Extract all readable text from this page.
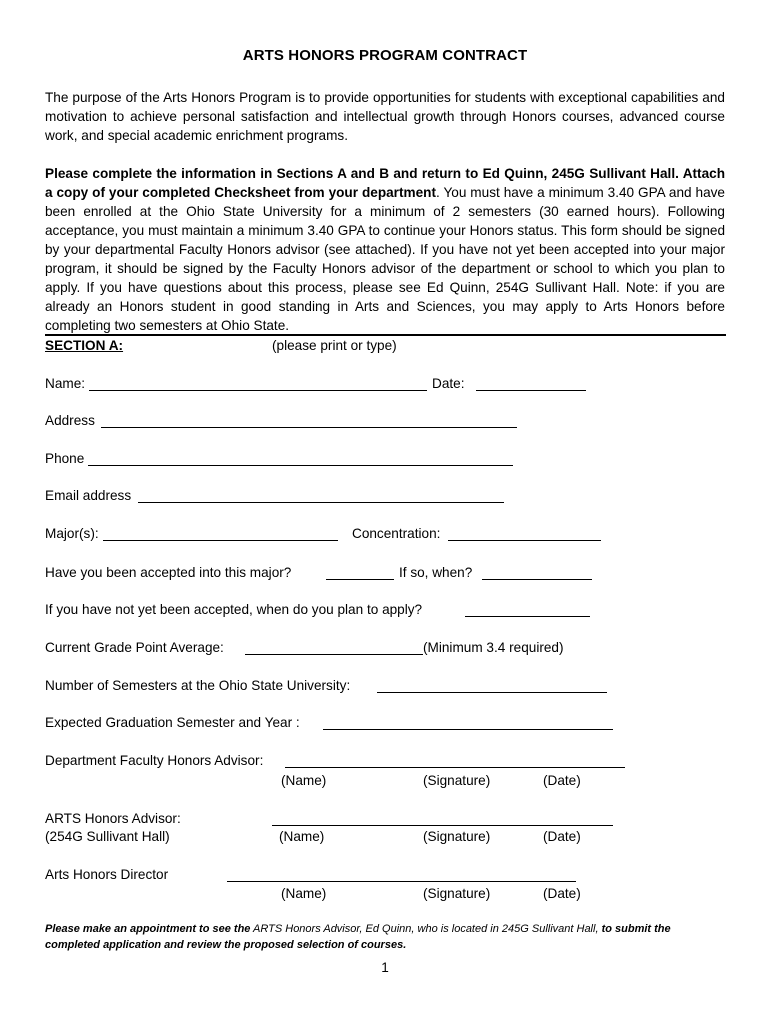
ARTS HONORS PROGRAM CONTRACT

The purpose of the Arts Honors Program is to provide opportunities for students with exceptional capabilities and motivation to achieve personal satisfaction and intellectual growth through Honors courses, advanced course work, and special academic enrichment programs.

Please complete the information in Sections A and B and return to Ed Quinn, 245G Sullivant Hall. Attach a copy of your completed Checksheet from your department. You must have a minimum 3.40 GPA and have been enrolled at the Ohio State University for a minimum of 2 semesters (30 earned hours). Following acceptance, you must maintain a minimum 3.40 GPA to continue your Honors status. This form should be signed by your departmental Faculty Honors advisor (see attached). If you have not yet been accepted into your major program, it should be signed by the Faculty Honors advisor of the department or school to which you plan to apply. If you have questions about this process, please see Ed Quinn, 254G Sullivant Hall. Note: if you are already an Honors student in good standing in Arts and Sciences, you may apply to Arts Honors before completing two semesters at Ohio State.

SECTION A:	(please print or type)
Name:	Date:
Address
Phone
Email address
Major(s):	Concentration:
Have you been accepted into this major?	If so, when?
If you have not yet been accepted, when do you plan to apply?
Current Grade Point Average:	(Minimum 3.4 required)
Number of Semesters at the Ohio State University:
Expected Graduation Semester and Year :
Department Faculty Honors Advisor:
(Name)	(Signature)	(Date)
ARTS Honors Advisor:
(254G Sullivant Hall)	(Name)	(Signature)	(Date)
Arts Honors Director
(Name)	(Signature)	(Date)

Please make an appointment to see the ARTS Honors Advisor, Ed Quinn, who is located in 245G Sullivant Hall, to submit the completed application and review the proposed selection of courses.

1
